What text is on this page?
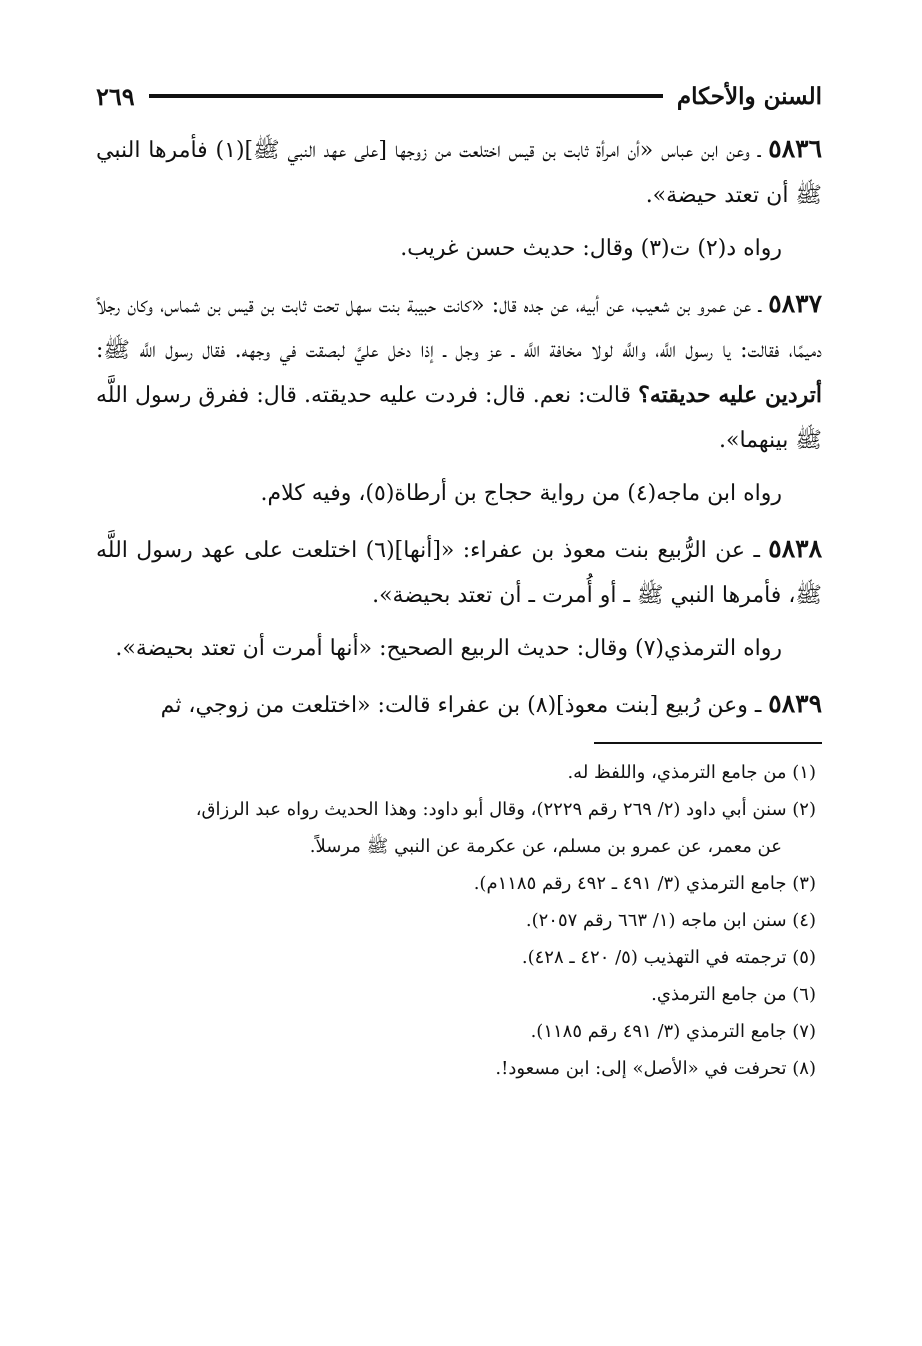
السنن والأحكام
٢٦٩

٥٨٣٦ ـ وعن ابن عباس «أن امرأة ثابت بن قيس اختلعت من زوجها [على عهد النبي ﷺ](١) فأمرها النبي ﷺ أن تعتد حيضة».

رواه د(٢) ت(٣) وقال: حديث حسن غريب.

٥٨٣٧ ـ عن عمرو بن شعيب، عن أبيه، عن جده قال: «كانت حبيبة بنت سهل تحت ثابت بن قيس بن شماس، وكان رجلاً دميمًا، فقالت: يا رسول اللَّه، واللَّه لولا مخافة اللَّه ـ عز وجل ـ إذا دخل عليَّ لبصقت في وجهه. فقال رسول اللَّه ﷺ: أتردين عليه حديقته؟ قالت: نعم. قال: فردت عليه حديقته. قال: ففرق رسول اللَّه ﷺ بينهما».

رواه ابن ماجه(٤) من رواية حجاج بن أرطاة(٥)، وفيه كلام.

٥٨٣٨ ـ عن الرُّبيع بنت معوذ بن عفراء: «[أنها](٦) اختلعت على عهد رسول اللَّه ﷺ، فأمرها النبي ﷺ ـ أو أُمرت ـ أن تعتد بحيضة».

رواه الترمذي(٧) وقال: حديث الربيع الصحيح: «أنها أمرت أن تعتد بحيضة».

٥٨٣٩ ـ وعن رُبيع [بنت معوذ](٨) بن عفراء قالت: «اختلعت من زوجي، ثم

(١) من جامع الترمذي، واللفظ له.

(٢) سنن أبي داود (٢/ ٢٦٩ رقم ٢٢٢٩)، وقال أبو داود: وهذا الحديث رواه عبد الرزاق،
عن معمر، عن عمرو بن مسلم، عن عكرمة عن النبي ﷺ مرسلاً.

(٣) جامع الترمذي (٣/ ٤٩١ ـ ٤٩٢ رقم ١١٨٥م).

(٤) سنن ابن ماجه (١/ ٦٦٣ رقم ٢٠٥٧).

(٥) ترجمته في التهذيب (٥/ ٤٢٠ ـ ٤٢٨).

(٦) من جامع الترمذي.

(٧) جامع الترمذي (٣/ ٤٩١ رقم ١١٨٥).

(٨) تحرفت في «الأصل» إلى: ابن مسعود!.
